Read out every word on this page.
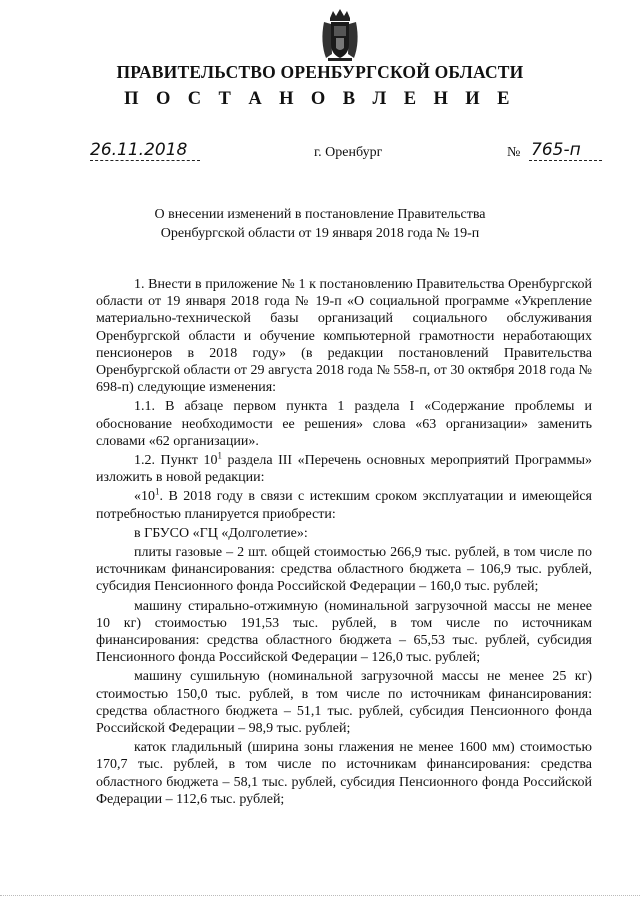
ПРАВИТЕЛЬСТВО ОРЕНБУРГСКОЙ ОБЛАСТИ
П О С Т А Н О В Л Е Н И Е
26.11.2018	г. Оренбург	№ 765-п
О внесении изменений в постановление Правительства
Оренбургской области от 19 января 2018 года № 19-п

1. Внести в приложение № 1 к постановлению Правительства Оренбургской области от 19 января 2018 года № 19-п «О социальной программе «Укрепление материально-технической базы организаций социального обслуживания Оренбургской области и обучение компьютерной грамотности неработающих пенсионеров в 2018 году» (в редакции постановлений Правительства Оренбургской области от 29 августа 2018 года № 558-п, от 30 октября 2018 года № 698-п) следующие изменения:

1.1. В абзаце первом пункта 1 раздела I «Содержание проблемы и обоснование необходимости ее решения» слова «63 организации» заменить словами «62 организации».

1.2. Пункт $10^1$ раздела III «Перечень основных мероприятий Программы» изложить в новой редакции:

«$10^1$. В 2018 году в связи с истекшим сроком эксплуатации и имеющейся потребностью планируется приобрести:

в ГБУСО «ГЦ «Долголетие»:

плиты газовые – 2 шт. общей стоимостью 266,9 тыс. рублей, в том числе по источникам финансирования: средства областного бюджета – 106,9 тыс. рублей, субсидия Пенсионного фонда Российской Федерации – 160,0 тыс. рублей;

машину стирально-отжимную (номинальной загрузочной массы не менее 10 кг) стоимостью 191,53 тыс. рублей, в том числе по источникам финансирования: средства областного бюджета – 65,53 тыс. рублей, субсидия Пенсионного фонда Российской Федерации – 126,0 тыс. рублей;

машину сушильную (номинальной загрузочной массы не менее 25 кг) стоимостью 150,0 тыс. рублей, в том числе по источникам финансирования: средства областного бюджета – 51,1 тыс. рублей, субсидия Пенсионного фонда Российской Федерации – 98,9 тыс. рублей;

каток гладильный (ширина зоны глажения не менее 1600 мм) стоимостью 170,7 тыс. рублей, в том числе по источникам финансирования: средства областного бюджета – 58,1 тыс. рублей, субсидия Пенсионного фонда Российской Федерации – 112,6 тыс. рублей;
